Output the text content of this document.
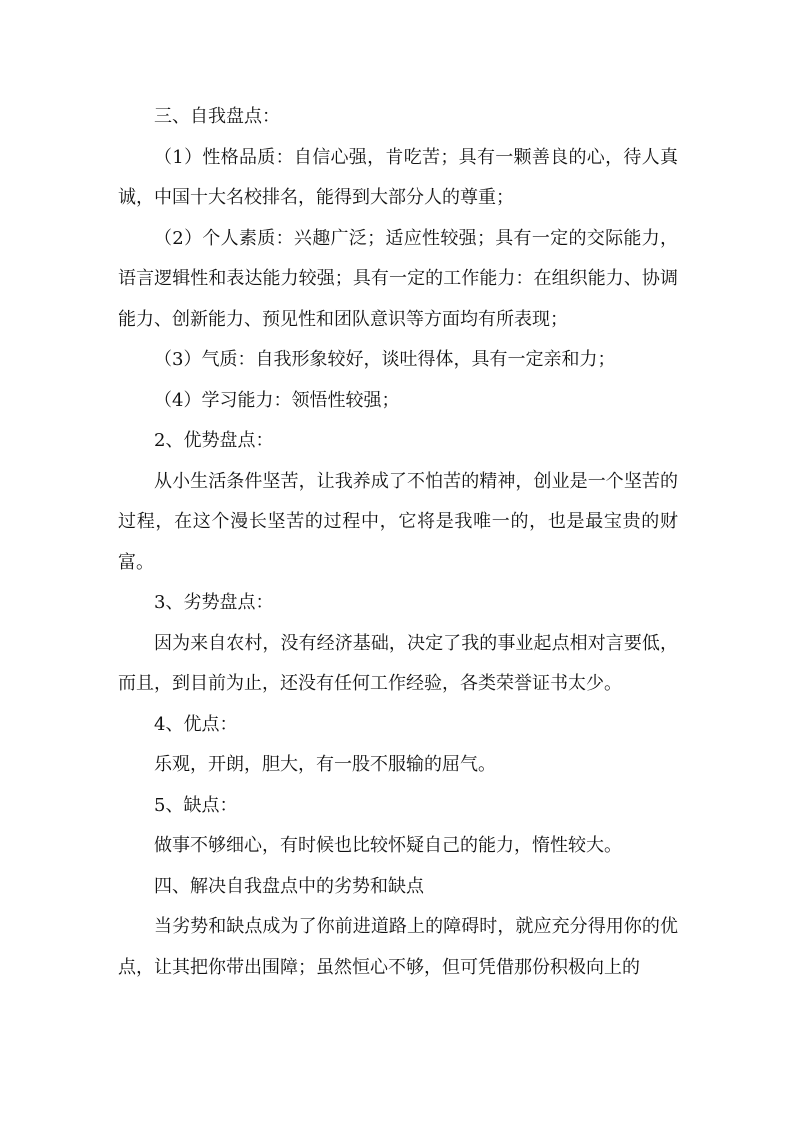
三、自我盘点：

（1）性格品质：自信心强，肯吃苦；具有一颗善良的心，待人真诚，中国十大名校排名，能得到大部分人的尊重；

（2）个人素质：兴趣广泛；适应性较强；具有一定的交际能力，语言逻辑性和表达能力较强；具有一定的工作能力：在组织能力、协调能力、创新能力、预见性和团队意识等方面均有所表现；

（3）气质：自我形象较好，谈吐得体，具有一定亲和力；

（4）学习能力：领悟性较强；

2、优势盘点：

从小生活条件坚苦，让我养成了不怕苦的精神，创业是一个坚苦的过程，在这个漫长坚苦的过程中，它将是我唯一的，也是最宝贵的财富。

3、劣势盘点：

因为来自农村，没有经济基础，决定了我的事业起点相对言要低，而且，到目前为止，还没有任何工作经验，各类荣誉证书太少。

4、优点：

乐观，开朗，胆大，有一股不服输的屈气。

5、缺点：

做事不够细心，有时候也比较怀疑自己的能力，惰性较大。

四、解决自我盘点中的劣势和缺点

当劣势和缺点成为了你前进道路上的障碍时，就应充分得用你的优点，让其把你带出围障；虽然恒心不够，但可凭借那份积极向上的
